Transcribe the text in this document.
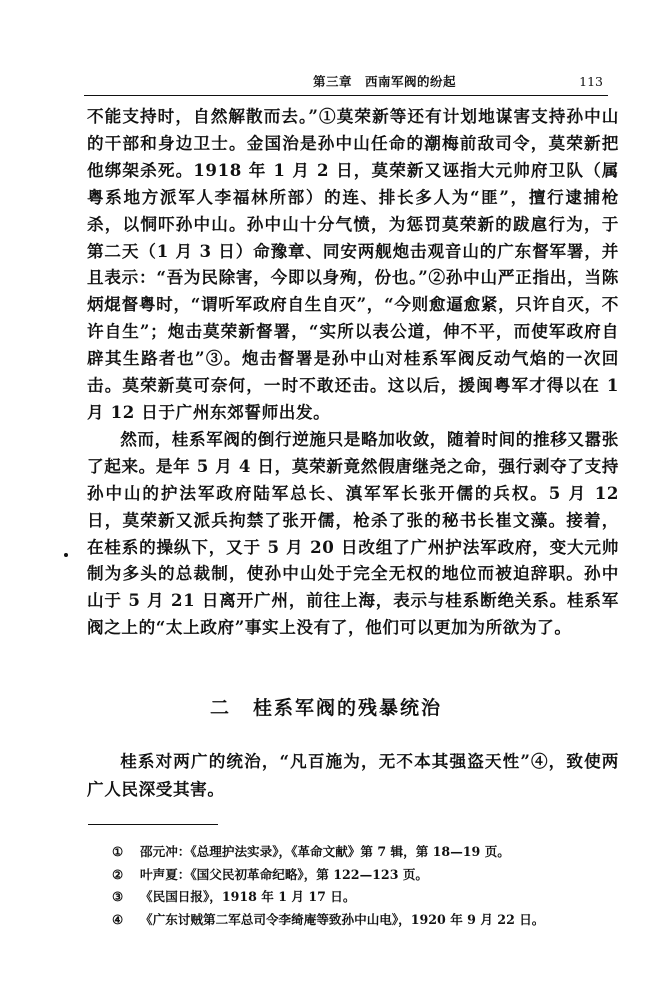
第三章　西南军阀的纷起	113

不能支持时，自然解散而去。”①莫荣新等还有计划地谋害支持孙中山的干部和身边卫士。金国治是孙中山任命的潮梅前敌司令，莫荣新把他绑架杀死。1918 年 1 月 2 日，莫荣新又诬指大元帅府卫队（属粤系地方派军人李福林所部）的连、排长多人为“匪”，擅行逮捕枪杀，以恫吓孙中山。孙中山十分气愤，为惩罚莫荣新的跋扈行为，于第二天（1 月 3 日）命豫章、同安两舰炮击观音山的广东督军署，并且表示：“吾为民除害，今即以身殉，份也。”②孙中山严正指出，当陈炳焜督粤时，“谓听军政府自生自灭”，“今则愈逼愈紧，只许自灭，不许自生”；炮击莫荣新督署，“实所以表公道，伸不平，而使军政府自辟其生路者也”③。炮击督署是孙中山对桂系军阀反动气焰的一次回击。莫荣新莫可奈何，一时不敢还击。这以后，援闽粤军才得以在 1 月 12 日于广州东郊誓师出发。

然而，桂系军阀的倒行逆施只是略加收敛，随着时间的推移又嚣张了起来。是年 5 月 4 日，莫荣新竟然假唐继尧之命，强行剥夺了支持孙中山的护法军政府陆军总长、滇军军长张开儒的兵权。5 月 12 日，莫荣新又派兵拘禁了张开儒，枪杀了张的秘书长崔文藻。接着，在桂系的操纵下，又于 5 月 20 日改组了广州护法军政府，变大元帅制为多头的总裁制，使孙中山处于完全无权的地位而被迫辞职。孙中山于 5 月 21 日离开广州，前往上海，表示与桂系断绝关系。桂系军阀之上的“太上政府”事实上没有了，他们可以更加为所欲为了。

二 桂系军阀的残暴统治

桂系对两广的统治，“凡百施为，无不本其强盗天性”④，致使两广人民深受其害。

① 邵元冲：《总理护法实录》，《革命文献》第 7 辑，第 18—19 页。
② 叶声夏：《国父民初革命纪略》，第 122—123 页。
③ 《民国日报》，1918 年 1 月 17 日。
④ 《广东讨贼第二军总司令李绮庵等致孙中山电》，1920 年 9 月 22 日。
